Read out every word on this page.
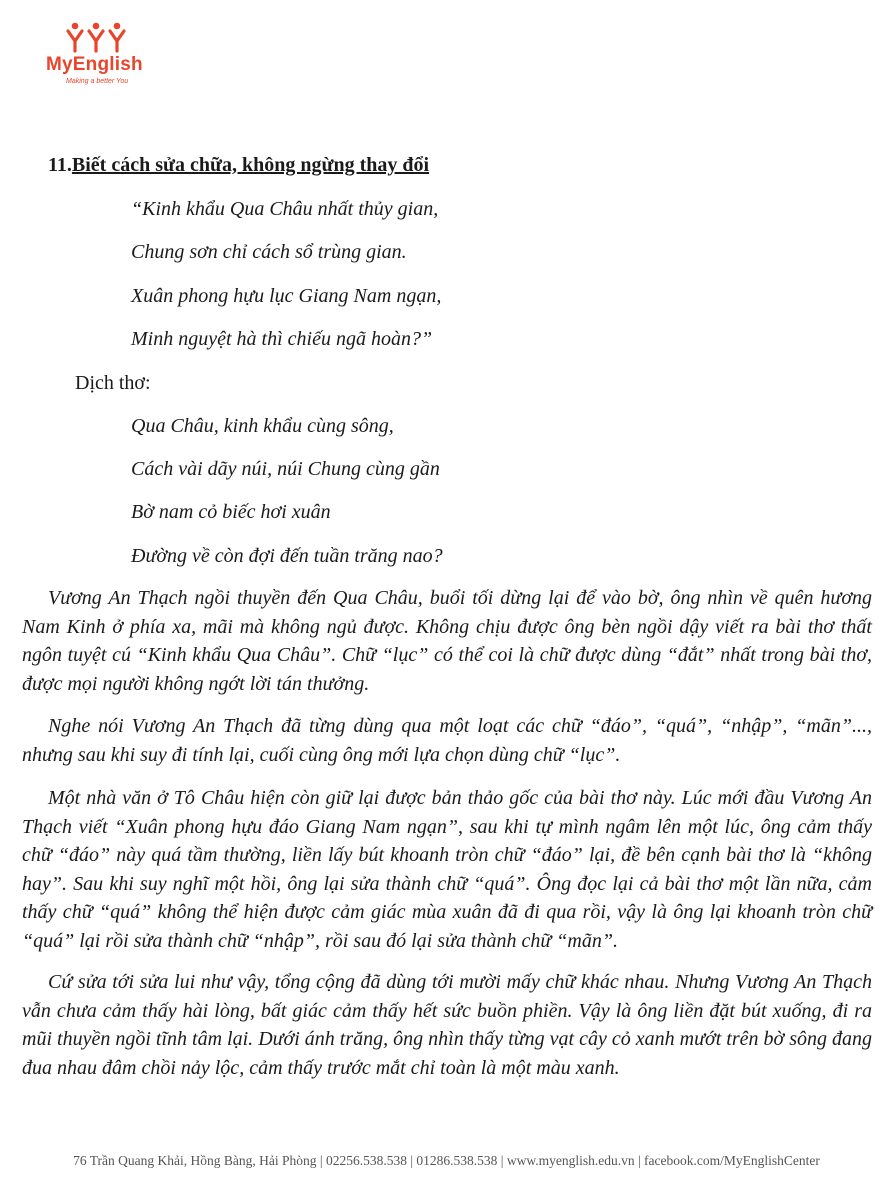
MyEnglish
Making a better You
11.Biết cách sửa chữa, không ngừng thay đổi
“Kinh khẩu Qua Châu nhất thủy gian,
Chung sơn chỉ cách sổ trùng gian.
Xuân phong hựu lục Giang Nam ngạn,
Minh nguyệt hà thì chiếu ngã hoàn?”
Dịch thơ:
Qua Châu, kinh khẩu cùng sông,
Cách vài dãy núi, núi Chung cùng gần
Bờ nam cỏ biếc hơi xuân
Đường về còn đợi đến tuần trăng nao?

Vương An Thạch ngồi thuyền đến Qua Châu, buổi tối dừng lại để vào bờ, ông nhìn về quên hương Nam Kinh ở phía xa, mãi mà không ngủ được. Không chịu được ông bèn ngồi dậy viết ra bài thơ thất ngôn tuyệt cú “Kinh khẩu Qua Châu”. Chữ “lục” có thể coi là chữ được dùng “đắt” nhất trong bài thơ, được mọi người không ngớt lời tán thưởng.

Nghe nói Vương An Thạch đã từng dùng qua một loạt các chữ “đáo”, “quá”, “nhập”, “mãn”..., nhưng sau khi suy đi tính lại, cuối cùng ông mới lựa chọn dùng chữ “lục”.

Một nhà văn ở Tô Châu hiện còn giữ lại được bản thảo gốc của bài thơ này. Lúc mới đầu Vương An Thạch viết “Xuân phong hựu đáo Giang Nam ngạn”, sau khi tự mình ngâm lên một lúc, ông cảm thấy chữ “đáo” này quá tầm thường, liền lấy bút khoanh tròn chữ “đáo” lại, đề bên cạnh bài thơ là “không hay”. Sau khi suy nghĩ một hồi, ông lại sửa thành chữ “quá”. Ông đọc lại cả bài thơ một lần nữa, cảm thấy chữ “quá” không thể hiện được cảm giác mùa xuân đã đi qua rồi, vậy là ông lại khoanh tròn chữ “quá” lại rồi sửa thành chữ “nhập”, rồi sau đó lại sửa thành chữ “mãn”.

Cứ sửa tới sửa lui như vậy, tổng cộng đã dùng tới mười mấy chữ khác nhau. Nhưng Vương An Thạch vẫn chưa cảm thấy hài lòng, bất giác cảm thấy hết sức buồn phiền. Vậy là ông liền đặt bút xuống, đi ra mũi thuyền ngồi tĩnh tâm lại. Dưới ánh trăng, ông nhìn thấy từng vạt cây cỏ xanh mướt trên bờ sông đang đua nhau đâm chồi nảy lộc, cảm thấy trước mắt chỉ toàn là một màu xanh.

76 Trần Quang Khải, Hồng Bàng, Hải Phòng | 02256.538.538 | 01286.538.538 | www.myenglish.edu.vn | facebook.com/MyEnglishCenter
